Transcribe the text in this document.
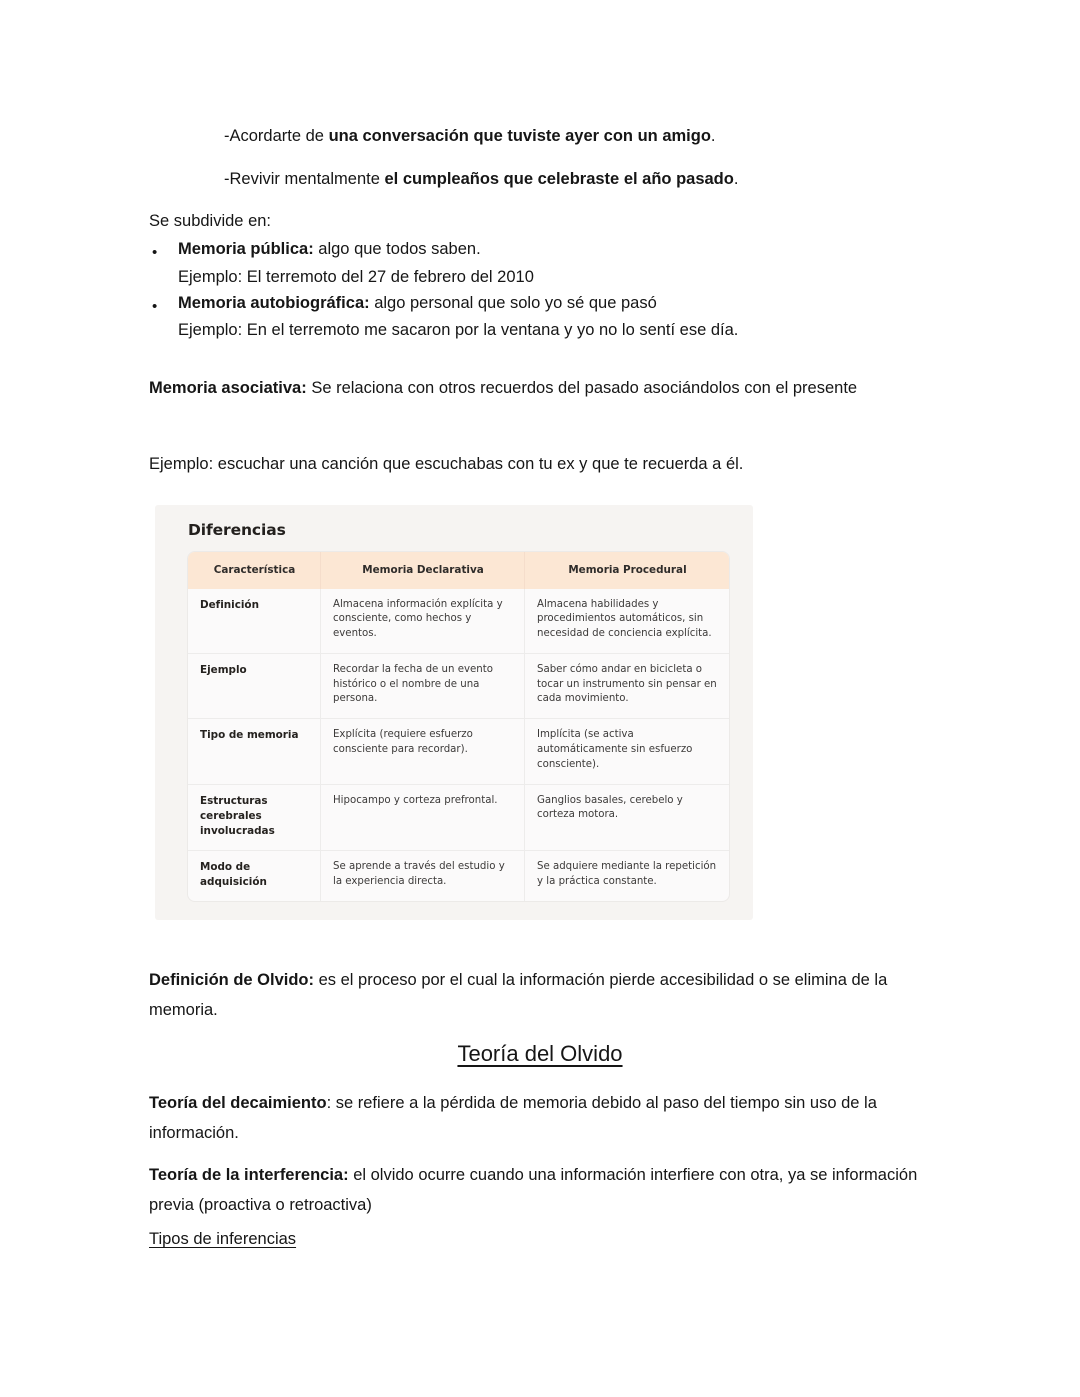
-Acordarte de una conversación que tuviste ayer con un amigo.
-Revivir mentalmente el cumpleaños que celebraste el año pasado.
Se subdivide en:
• Memoria pública: algo que todos saben.
Ejemplo: El terremoto del 27 de febrero del 2010
• Memoria autobiográfica: algo personal que solo yo sé que pasó
Ejemplo: En el terremoto me sacaron por la ventana y yo no lo sentí ese día.
Memoria asociativa: Se relaciona con otros recuerdos del pasado asociándolos con el presente
Ejemplo: escuchar una canción que escuchabas con tu ex y que te recuerda a él.
Diferencias
Característica	Memoria Declarativa	Memoria Procedural
Definición	Almacena información explícita y consciente, como hechos y eventos.	Almacena habilidades y procedimientos automáticos, sin necesidad de conciencia explícita.
Ejemplo	Recordar la fecha de un evento histórico o el nombre de una persona.	Saber cómo andar en bicicleta o tocar un instrumento sin pensar en cada movimiento.
Tipo de memoria	Explícita (requiere esfuerzo consciente para recordar).	Implícita (se activa automáticamente sin esfuerzo consciente).
Estructuras cerebrales involucradas	Hipocampo y corteza prefrontal.	Ganglios basales, cerebelo y corteza motora.
Modo de adquisición	Se aprende a través del estudio y la experiencia directa.	Se adquiere mediante la repetición y la práctica constante.
Definición de Olvido: es el proceso por el cual la información pierde accesibilidad o se elimina de la memoria.
Teoría del Olvido
Teoría del decaimiento: se refiere a la pérdida de memoria debido al paso del tiempo sin uso de la información.
Teoría de la interferencia: el olvido ocurre cuando una información interfiere con otra, ya se información previa (proactiva o retroactiva)
Tipos de inferencias
